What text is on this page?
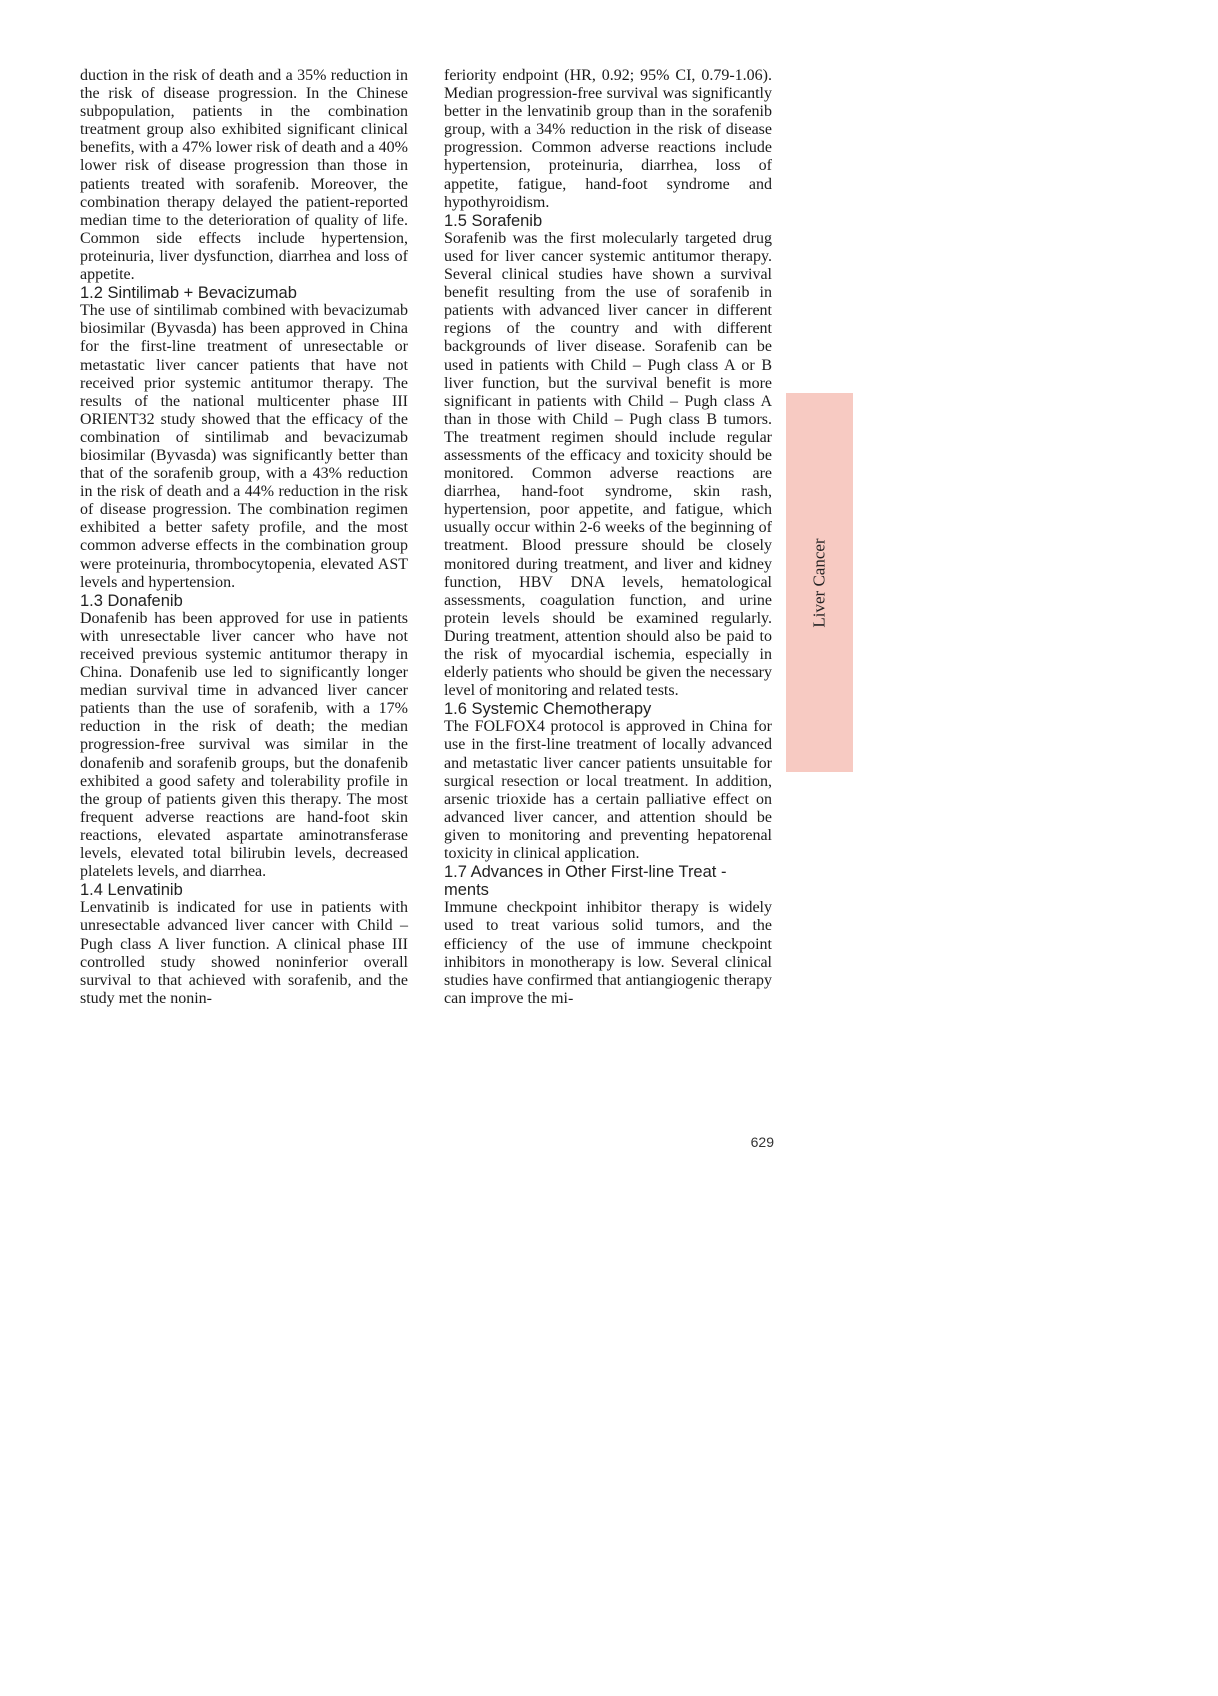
duction in the risk of death and a 35% reduction in the risk of disease progression. In the Chinese subpopulation, patients in the combination treatment group also exhibited significant clinical benefits, with a 47% lower risk of death and a 40% lower risk of disease progression than those in patients treated with sorafenib. Moreover, the combination therapy delayed the patient-reported median time to the deterioration of quality of life. Common side effects include hypertension, proteinuria, liver dysfunction, diarrhea and loss of appetite.

1.2 Sintilimab + Bevacizumab

The use of sintilimab combined with bevacizumab biosimilar (Byvasda) has been approved in China for the first-line treatment of unresectable or metastatic liver cancer patients that have not received prior systemic antitumor therapy. The results of the national multicenter phase III ORIENT32 study showed that the efficacy of the combination of sintilimab and bevacizumab biosimilar (Byvasda) was significantly better than that of the sorafenib group, with a 43% reduction in the risk of death and a 44% reduction in the risk of disease progression. The combination regimen exhibited a better safety profile, and the most common adverse effects in the combination group were proteinuria, thrombocytopenia, elevated AST levels and hypertension.

1.3 Donafenib

Donafenib has been approved for use in patients with unresectable liver cancer who have not received previous systemic antitumor therapy in China. Donafenib use led to significantly longer median survival time in advanced liver cancer patients than the use of sorafenib, with a 17% reduction in the risk of death; the median progression-free survival was similar in the donafenib and sorafenib groups, but the donafenib exhibited a good safety and tolerability profile in the group of patients given this therapy. The most frequent adverse reactions are hand-foot skin reactions, elevated aspartate aminotransferase levels, elevated total bilirubin levels, decreased platelets levels, and diarrhea.

1.4 Lenvatinib

Lenvatinib is indicated for use in patients with unresectable advanced liver cancer with Child – Pugh class A liver function. A clinical phase III controlled study showed noninferior overall survival to that achieved with sorafenib, and the study met the nonin-

feriority endpoint (HR, 0.92; 95% CI, 0.79-1.06). Median progression-free survival was significantly better in the lenvatinib group than in the sorafenib group, with a 34% reduction in the risk of disease progression. Common adverse reactions include hypertension, proteinuria, diarrhea, loss of appetite, fatigue, hand-foot syndrome and hypothyroidism.

1.5 Sorafenib

Sorafenib was the first molecularly targeted drug used for liver cancer systemic antitumor therapy. Several clinical studies have shown a survival benefit resulting from the use of sorafenib in patients with advanced liver cancer in different regions of the country and with different backgrounds of liver disease. Sorafenib can be used in patients with Child – Pugh class A or B liver function, but the survival benefit is more significant in patients with Child – Pugh class A than in those with Child – Pugh class B tumors. The treatment regimen should include regular assessments of the efficacy and toxicity should be monitored. Common adverse reactions are diarrhea, hand-foot syndrome, skin rash, hypertension, poor appetite, and fatigue, which usually occur within 2-6 weeks of the beginning of treatment. Blood pressure should be closely monitored during treatment, and liver and kidney function, HBV DNA levels, hematological assessments, coagulation function, and urine protein levels should be examined regularly. During treatment, attention should also be paid to the risk of myocardial ischemia, especially in elderly patients who should be given the necessary level of monitoring and related tests.

1.6 Systemic Chemotherapy

The FOLFOX4 protocol is approved in China for use in the first-line treatment of locally advanced and metastatic liver cancer patients unsuitable for surgical resection or local treatment. In addition, arsenic trioxide has a certain palliative effect on advanced liver cancer, and attention should be given to monitoring and preventing hepatorenal toxicity in clinical application.

1.7 Advances in Other First-line Treat - ments

Immune checkpoint inhibitor therapy is widely used to treat various solid tumors, and the efficiency of the use of immune checkpoint inhibitors in monotherapy is low. Several clinical studies have confirmed that antiangiogenic therapy can improve the mi-

Liver Cancer
629
